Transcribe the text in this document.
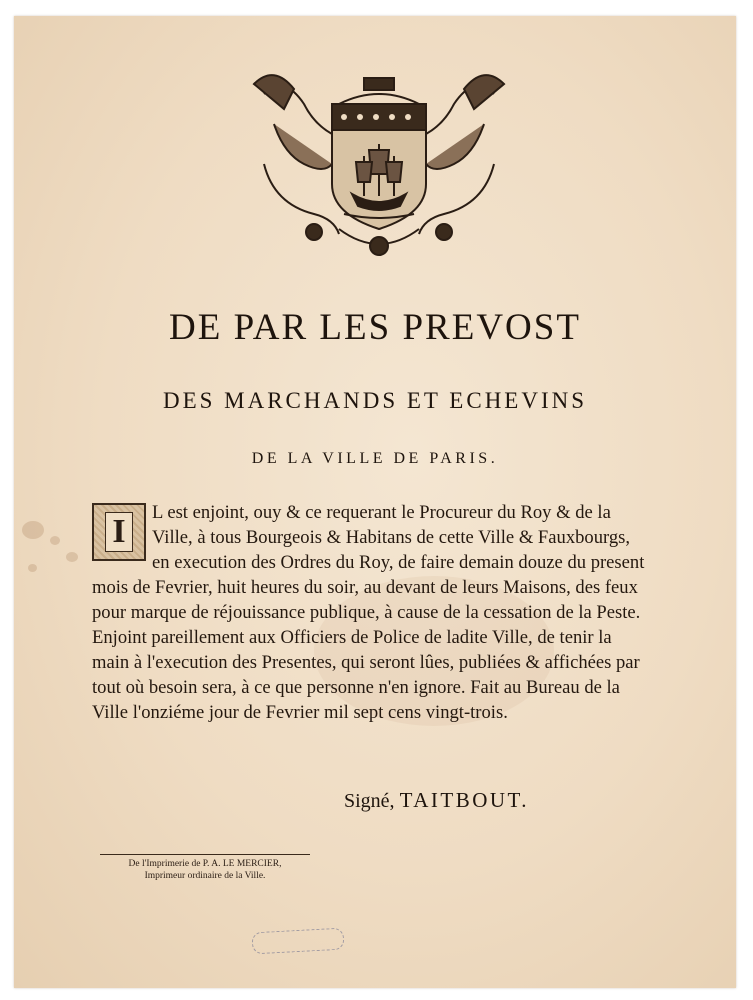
DE PAR LES PREVOST
DES MARCHANDS ET ECHEVINS
DE LA VILLE DE PARIS.
I
L est enjoint, ouy & ce requerant le Procureur du Roy & de la Ville, à tous Bourgeois & Habitans de cette Ville & Fauxbourgs, en execution des Ordres du Roy, de faire demain douze du present mois de Fevrier, huit heures du soir, au devant de leurs Maisons, des feux pour marque de réjouissance publique, à cause de la cessation de la Peste. Enjoint pareillement aux Officiers de Police de ladite Ville, de tenir la main à l'execution des Presentes, qui seront lûes, publiées & affichées par tout où besoin sera, à ce que personne n'en ignore. Fait au Bureau de la Ville l'onziéme jour de Fevrier mil sept cens vingt-trois.
Signé, TAITBOUT.
De l'Imprimerie de P. A. LE MERCIER,
Imprimeur ordinaire de la Ville.
